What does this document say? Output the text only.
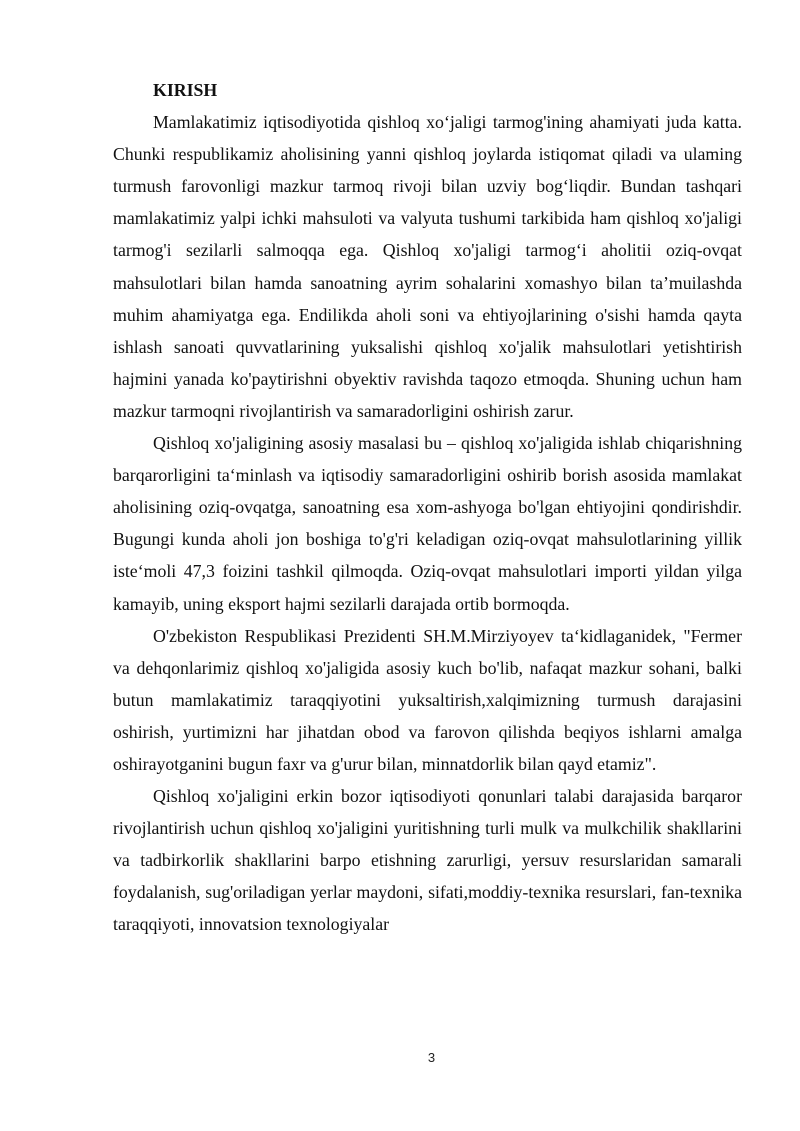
KIRISH

Mamlakatimiz iqtisodiyotida qishloq xo‘jaligi tarmog'ining ahamiyati juda katta. Chunki respublikamiz aholisining yanni qishloq joylarda istiqomat qiladi va ulaming turmush farovonligi mazkur tarmoq rivoji bilan uzviy bog‘liqdir. Bundan tashqari mamlakatimiz yalpi ichki mahsuloti va valyuta tushumi tarkibida ham qishloq xo'jaligi tarmog'i sezilarli salmoqqa ega. Qishloq xo'jaligi tarmog‘i aholitii oziq-ovqat mahsulotlari bilan hamda sanoatning ayrim sohalarini xomashyo bilan ta’muilashda muhim ahamiyatga ega. Endilikda aholi soni va ehtiyojlarining o'sishi hamda qayta ishlash sanoati quvvatlarining yuksalishi qishloq xo'jalik mahsulotlari yetishtirish hajmini yanada ko'paytirishni obyektiv ravishda taqozo etmoqda. Shuning uchun ham mazkur tarmoqni rivojlantirish va samaradorligini oshirish zarur.

Qishloq xo'jaligining asosiy masalasi bu – qishloq xo'jaligida ishlab chiqarishning barqarorligini ta‘minlash va iqtisodiy samaradorligini oshirib borish asosida mamlakat aholisining oziq-ovqatga, sanoatning esa xom-ashyoga bo'lgan ehtiyojini qondirishdir. Bugungi kunda aholi jon boshiga to'g'ri keladigan oziq-ovqat mahsulotlarining yillik iste‘moli 47,3 foizini tashkil qilmoqda. Oziq-ovqat mahsulotlari importi yildan yilga kamayib, uning eksport hajmi sezilarli darajada ortib bormoqda.

O'zbekiston Respublikasi Prezidenti SH.M.Mirziyoyev ta‘kidlaganidek, "Fermer va dehqonlarimiz qishloq xo'jaligida asosiy kuch bo'lib, nafaqat mazkur sohani, balki butun mamlakatimiz taraqqiyotini yuksaltirish,xalqimizning turmush darajasini oshirish, yurtimizni har jihatdan obod va farovon qilishda beqiyos ishlarni amalga oshirayotganini bugun faxr va g'urur bilan, minnatdorlik bilan qayd etamiz".

Qishloq xo'jaligini erkin bozor iqtisodiyoti qonunlari talabi darajasida barqaror rivojlantirish uchun qishloq xo'jaligini yuritishning turli mulk va mulkchilik shakllarini va tadbirkorlik shakllarini barpo etishning zarurligi, yersuv resurslaridan samarali foydalanish, sug'oriladigan yerlar maydoni, sifati,moddiy-texnika resurslari, fan-texnika taraqqiyoti, innovatsion texnologiyalar

3
